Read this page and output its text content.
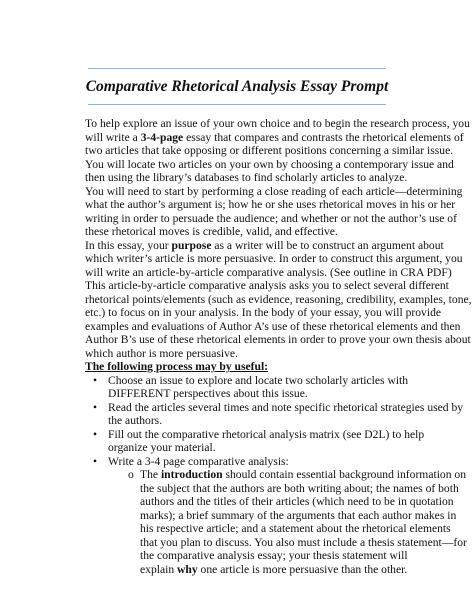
Comparative Rhetorical Analysis Essay Prompt

To help explore an issue of your own choice and to begin the research process, you
will write a 3-4-page essay that compares and contrasts the rhetorical elements of
two articles that take opposing or different positions concerning a similar issue.
You will locate two articles on your own by choosing a contemporary issue and
then using the library’s databases to find scholarly articles to analyze.

You will need to start by performing a close reading of each article—determining
what the author’s argument is; how he or she uses rhetorical moves in his or her
writing in order to persuade the audience; and whether or not the author’s use of
these rhetorical moves is credible, valid, and effective.

In this essay, your purpose as a writer will be to construct an argument about
which writer’s article is more persuasive. In order to construct this argument, you
will write an article-by-article comparative analysis. (See outline in CRA PDF)
This article-by-article comparative analysis asks you to select several different
rhetorical points/elements (such as evidence, reasoning, credibility, examples, tone,
etc.) to focus on in your analysis. In the body of your essay, you will provide
examples and evaluations of Author A’s use of these rhetorical elements and then
Author B’s use of these rhetorical elements in order to prove your own thesis about
which author is more persuasive.

The following process may by useful:

• Choose an issue to explore and locate two scholarly articles with
DIFFERENT perspectives about this issue.
• Read the articles several times and note specific rhetorical strategies used by
the authors.
• Fill out the comparative rhetorical analysis matrix (see D2L) to help
organize your material.
• Write a 3-4 page comparative analysis:
o The introduction should contain essential background information on
the subject that the authors are both writing about; the names of both
authors and the titles of their articles (which need to be in quotation
marks); a brief summary of the arguments that each author makes in
his respective article; and a statement about the rhetorical elements
that you plan to discuss. You also must include a thesis statement—for
the comparative analysis essay; your thesis statement will
explain why one article is more persuasive than the other.
